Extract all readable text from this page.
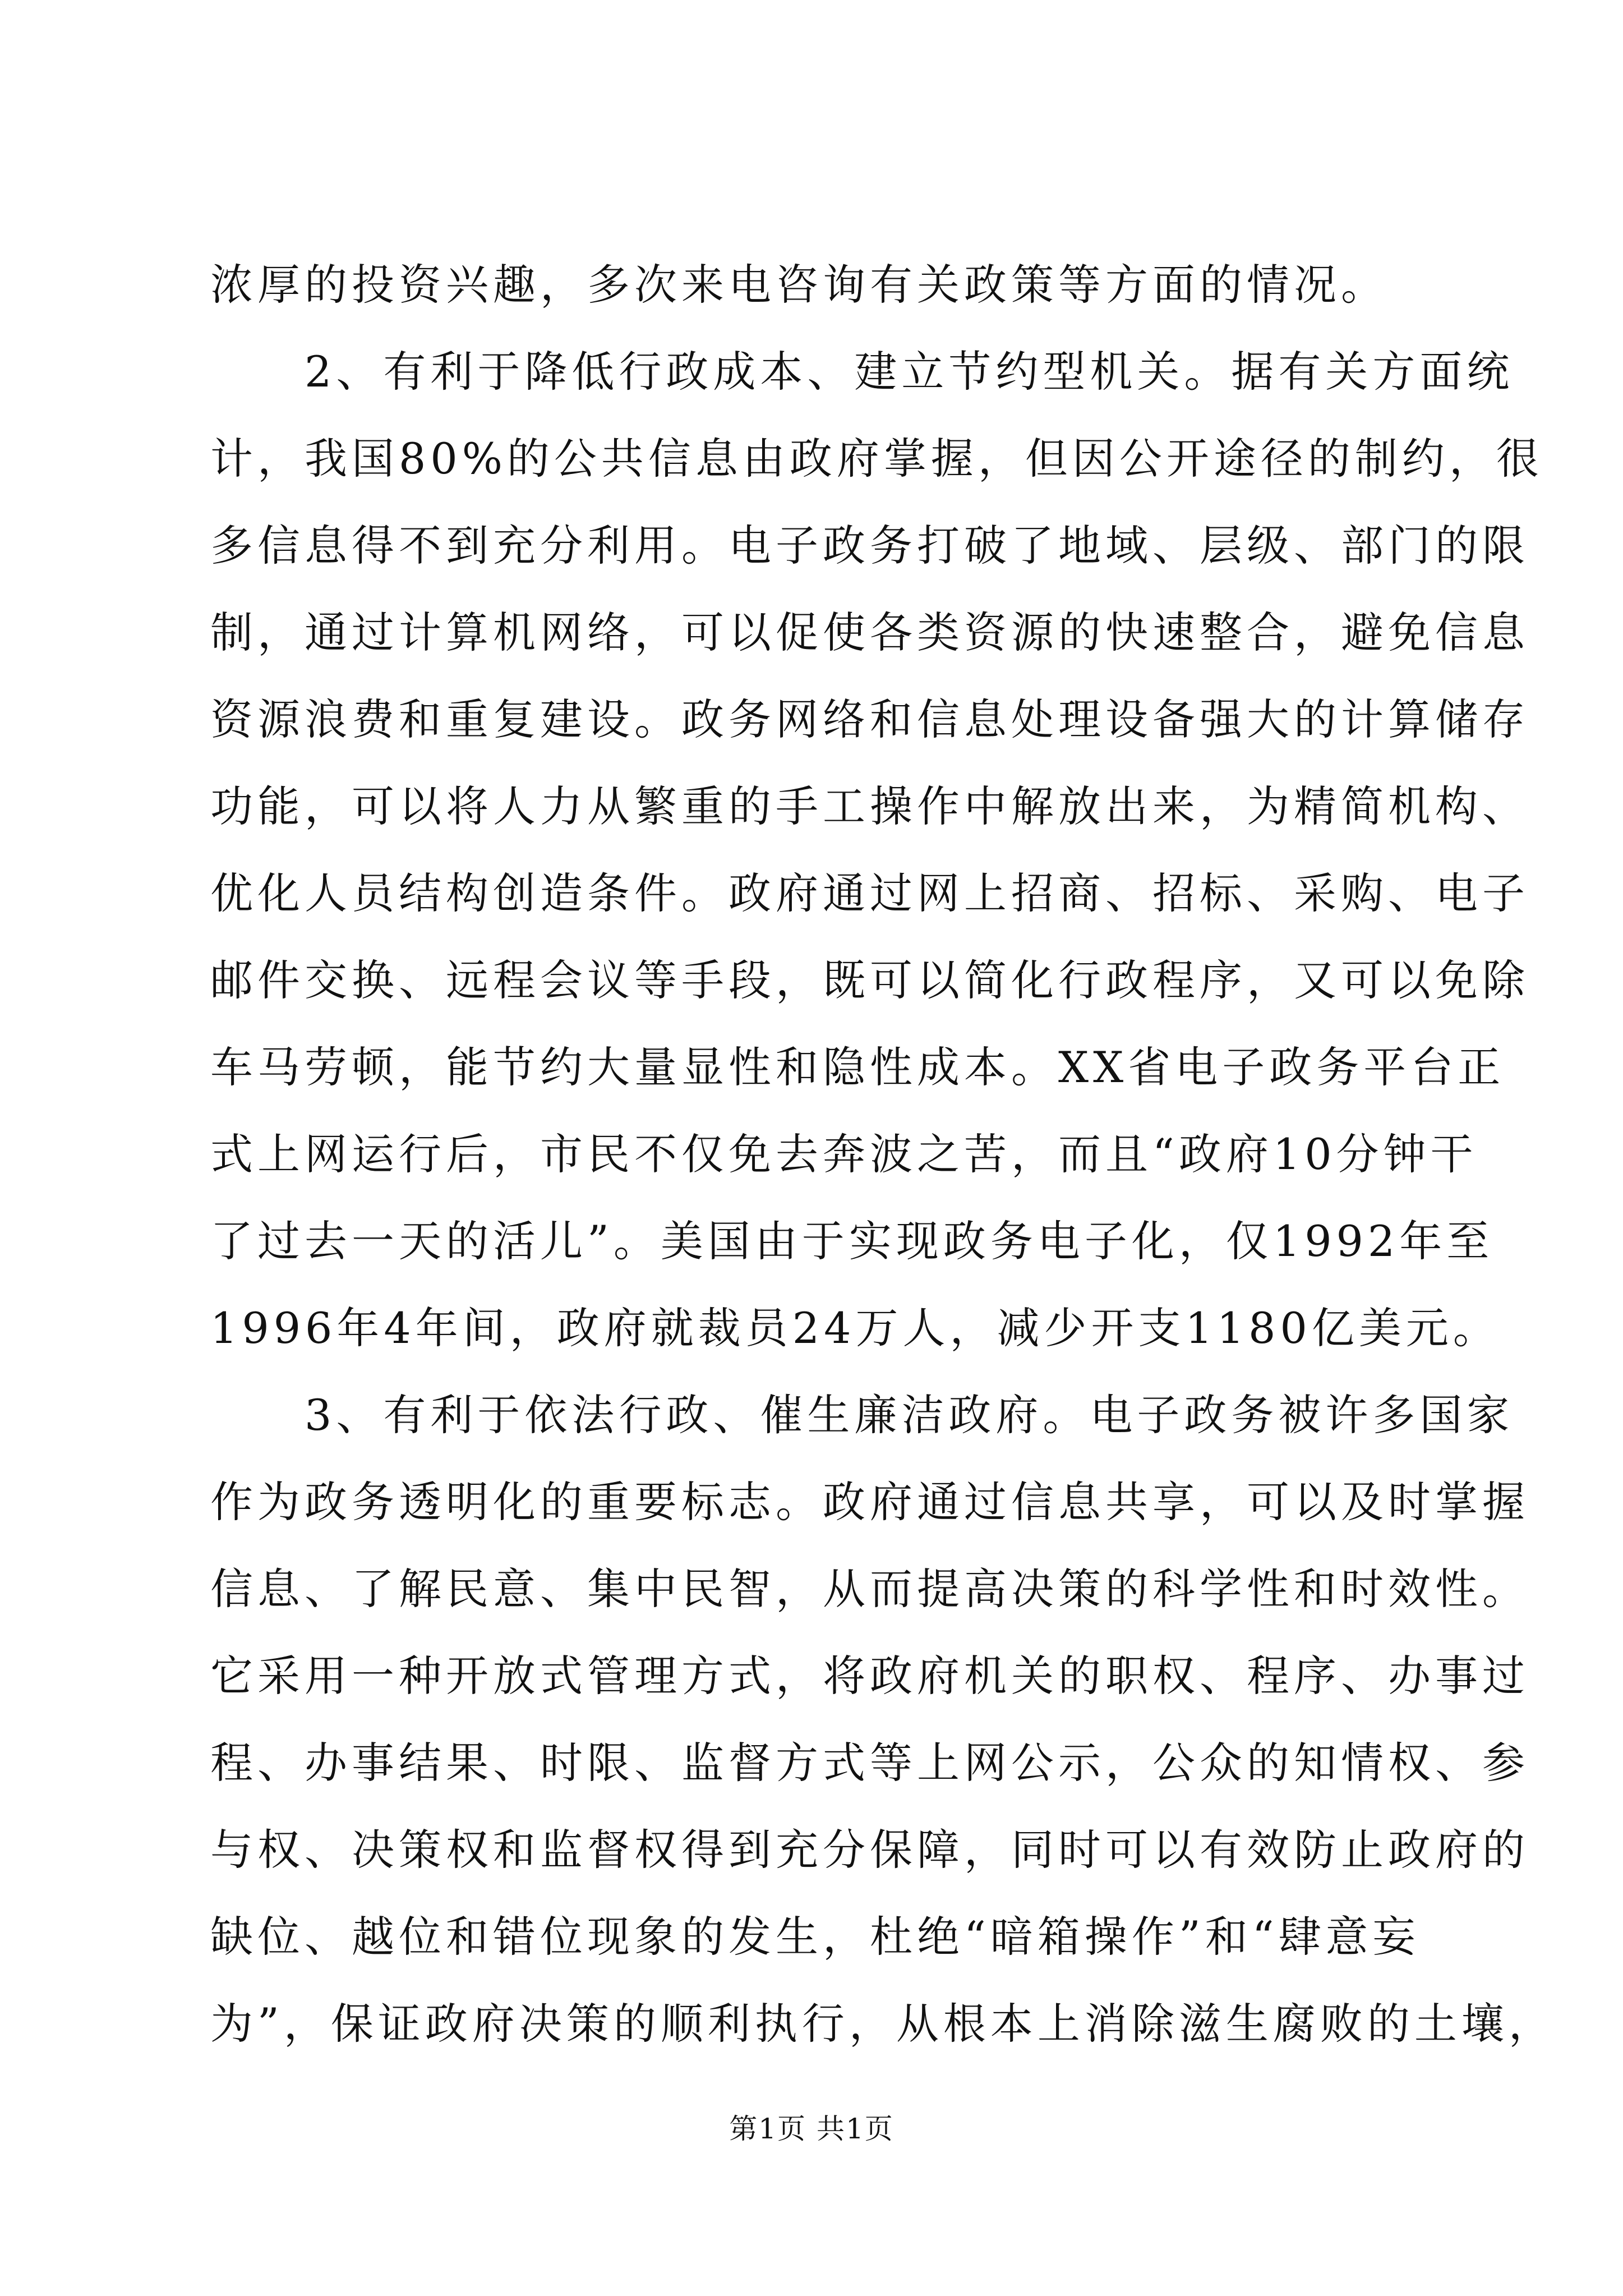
浓厚的投资兴趣，多次来电咨询有关政策等方面的情况。
2、有利于降低行政成本、建立节约型机关。据有关方面统
计，我国80%的公共信息由政府掌握，但因公开途径的制约，很
多信息得不到充分利用。电子政务打破了地域、层级、部门的限
制，通过计算机网络，可以促使各类资源的快速整合，避免信息
资源浪费和重复建设。政务网络和信息处理设备强大的计算储存
功能，可以将人力从繁重的手工操作中解放出来，为精简机构、
优化人员结构创造条件。政府通过网上招商、招标、采购、电子
邮件交换、远程会议等手段，既可以简化行政程序，又可以免除
车马劳顿，能节约大量显性和隐性成本。XX省电子政务平台正
式上网运行后，市民不仅免去奔波之苦，而且“政府10分钟干
了过去一天的活儿”。美国由于实现政务电子化，仅1992年至
1996年4年间，政府就裁员24万人，减少开支1180亿美元。
3、有利于依法行政、催生廉洁政府。电子政务被许多国家
作为政务透明化的重要标志。政府通过信息共享，可以及时掌握
信息、了解民意、集中民智，从而提高决策的科学性和时效性。
它采用一种开放式管理方式，将政府机关的职权、程序、办事过
程、办事结果、时限、监督方式等上网公示，公众的知情权、参
与权、决策权和监督权得到充分保障，同时可以有效防止政府的
缺位、越位和错位现象的发生，杜绝“暗箱操作”和“肆意妄
为”，保证政府决策的顺利执行，从根本上消除滋生腐败的土壤，
第1页 共1页
